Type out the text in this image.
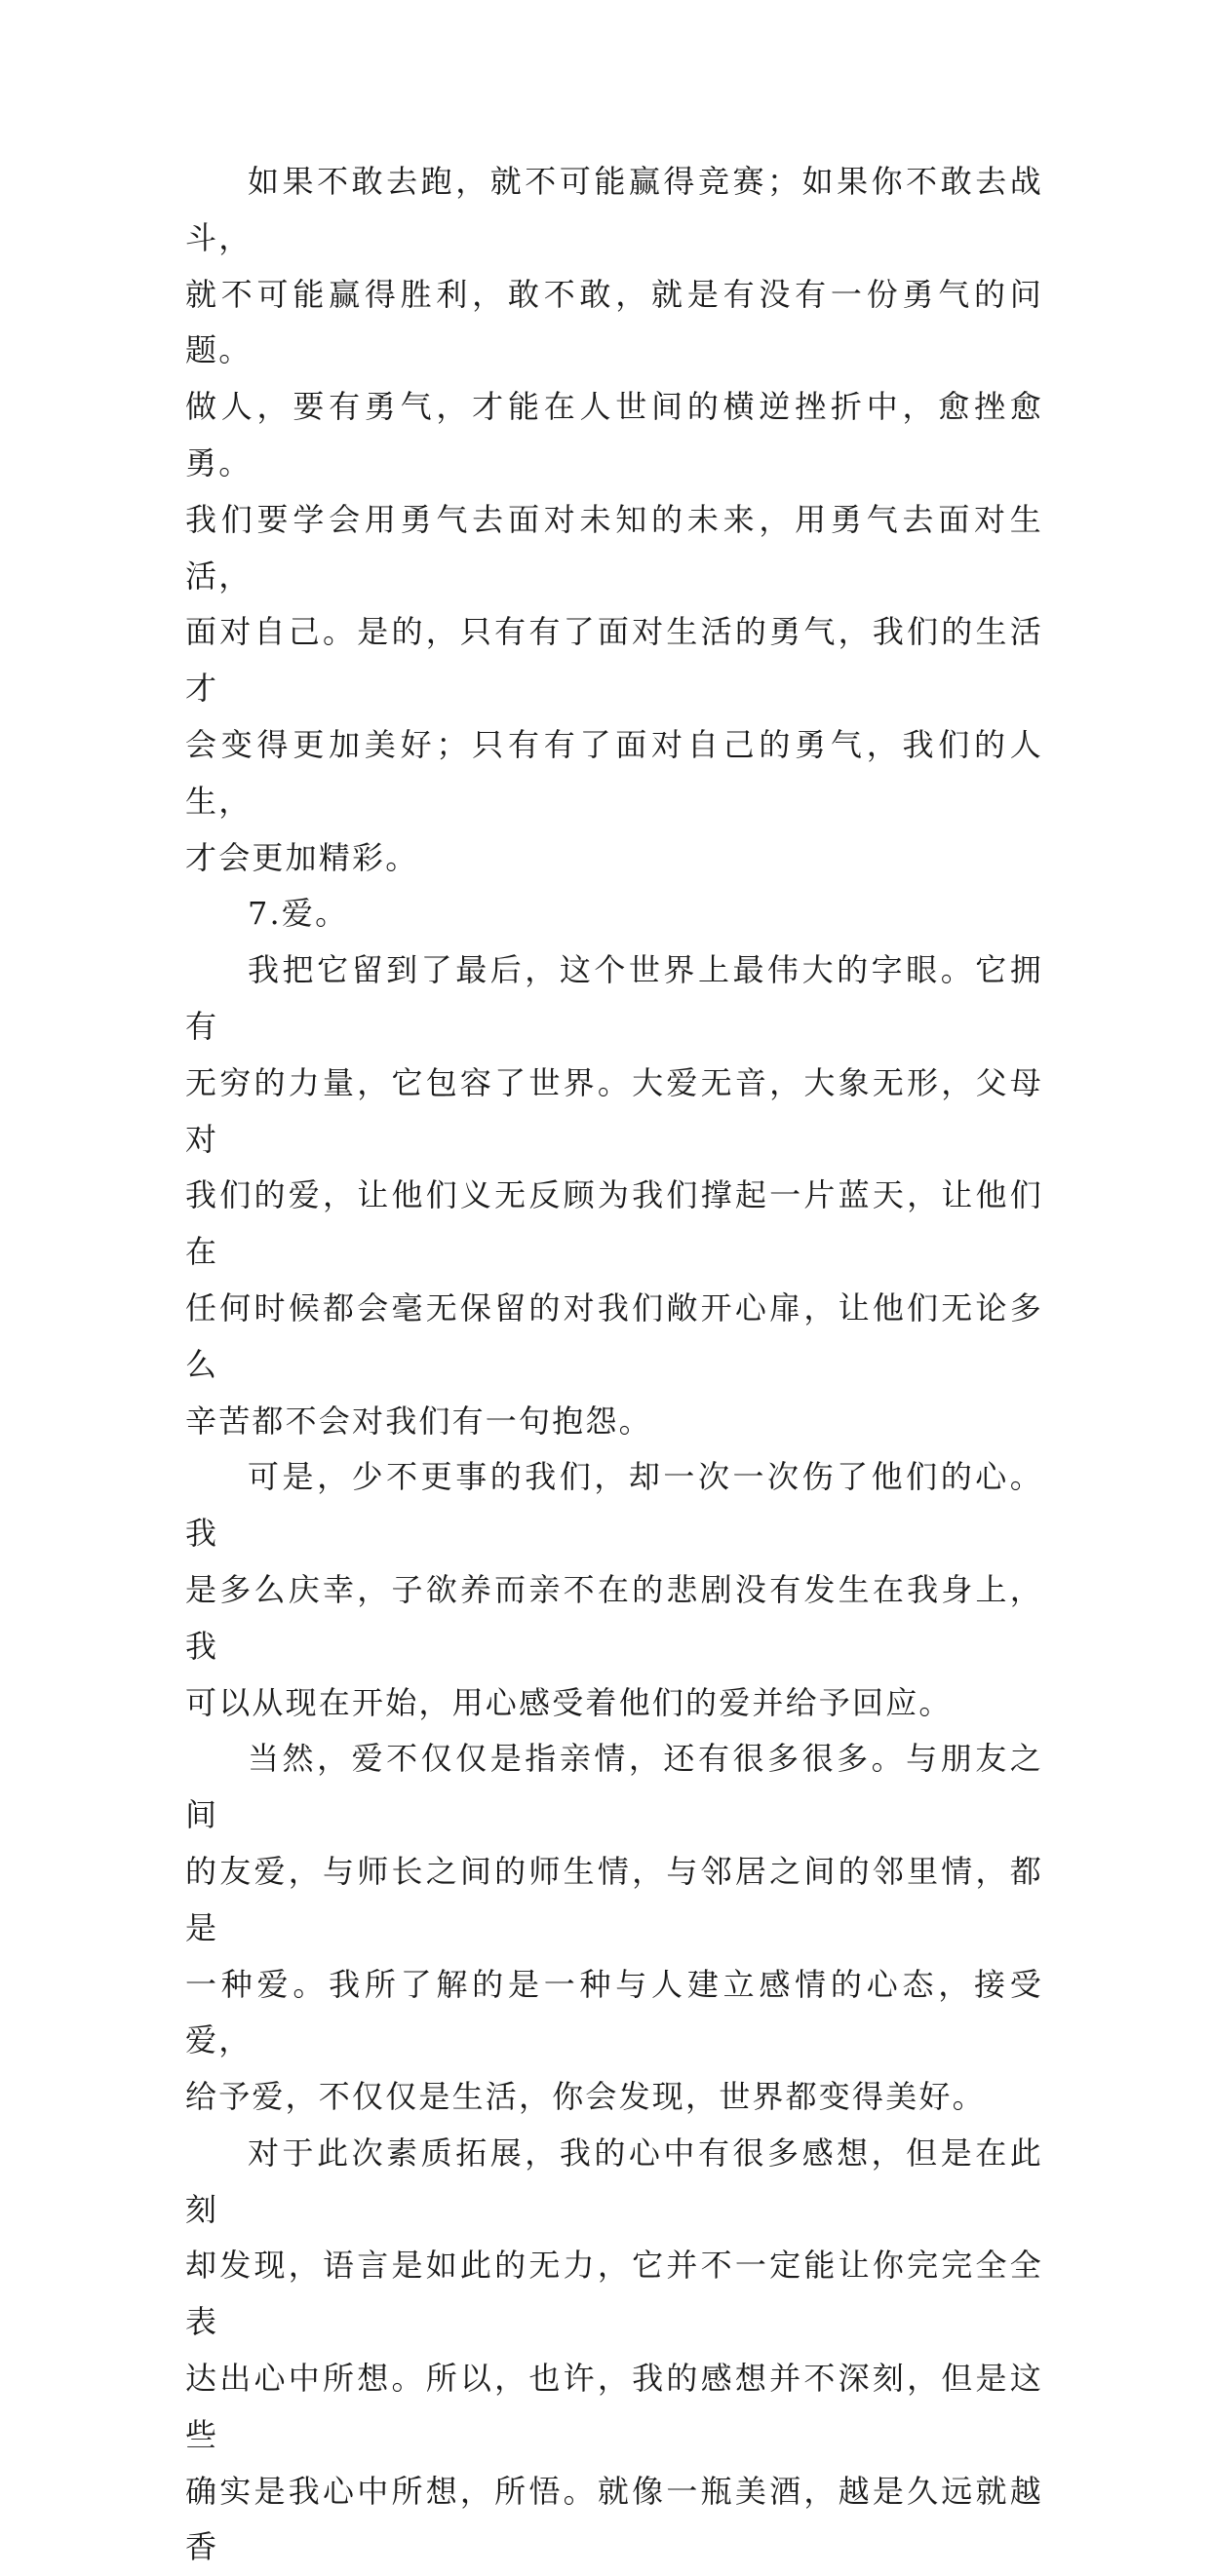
如果不敢去跑，就不可能赢得竞赛；如果你不敢去战斗，
就不可能赢得胜利，敢不敢，就是有没有一份勇气的问题。
做人，要有勇气，才能在人世间的横逆挫折中，愈挫愈勇。
我们要学会用勇气去面对未知的未来，用勇气去面对生活，
面对自己。是的，只有有了面对生活的勇气，我们的生活才
会变得更加美好；只有有了面对自己的勇气，我们的人生，
才会更加精彩。

7.爱。

我把它留到了最后，这个世界上最伟大的字眼。它拥有
无穷的力量，它包容了世界。大爱无音，大象无形，父母对
我们的爱，让他们义无反顾为我们撑起一片蓝天，让他们在
任何时候都会毫无保留的对我们敞开心扉，让他们无论多么
辛苦都不会对我们有一句抱怨。

可是，少不更事的我们，却一次一次伤了他们的心。我
是多么庆幸，子欲养而亲不在的悲剧没有发生在我身上，我
可以从现在开始，用心感受着他们的爱并给予回应。

当然，爱不仅仅是指亲情，还有很多很多。与朋友之间
的友爱，与师长之间的师生情，与邻居之间的邻里情，都是
一种爱。我所了解的是一种与人建立感情的心态，接受爱，
给予爱，不仅仅是生活，你会发现，世界都变得美好。

对于此次素质拓展，我的心中有很多感想，但是在此刻
却发现，语言是如此的无力，它并不一定能让你完完全全表
达出心中所想。所以，也许，我的感想并不深刻，但是这些
确实是我心中所想，所悟。就像一瓶美酒，越是久远就越香
